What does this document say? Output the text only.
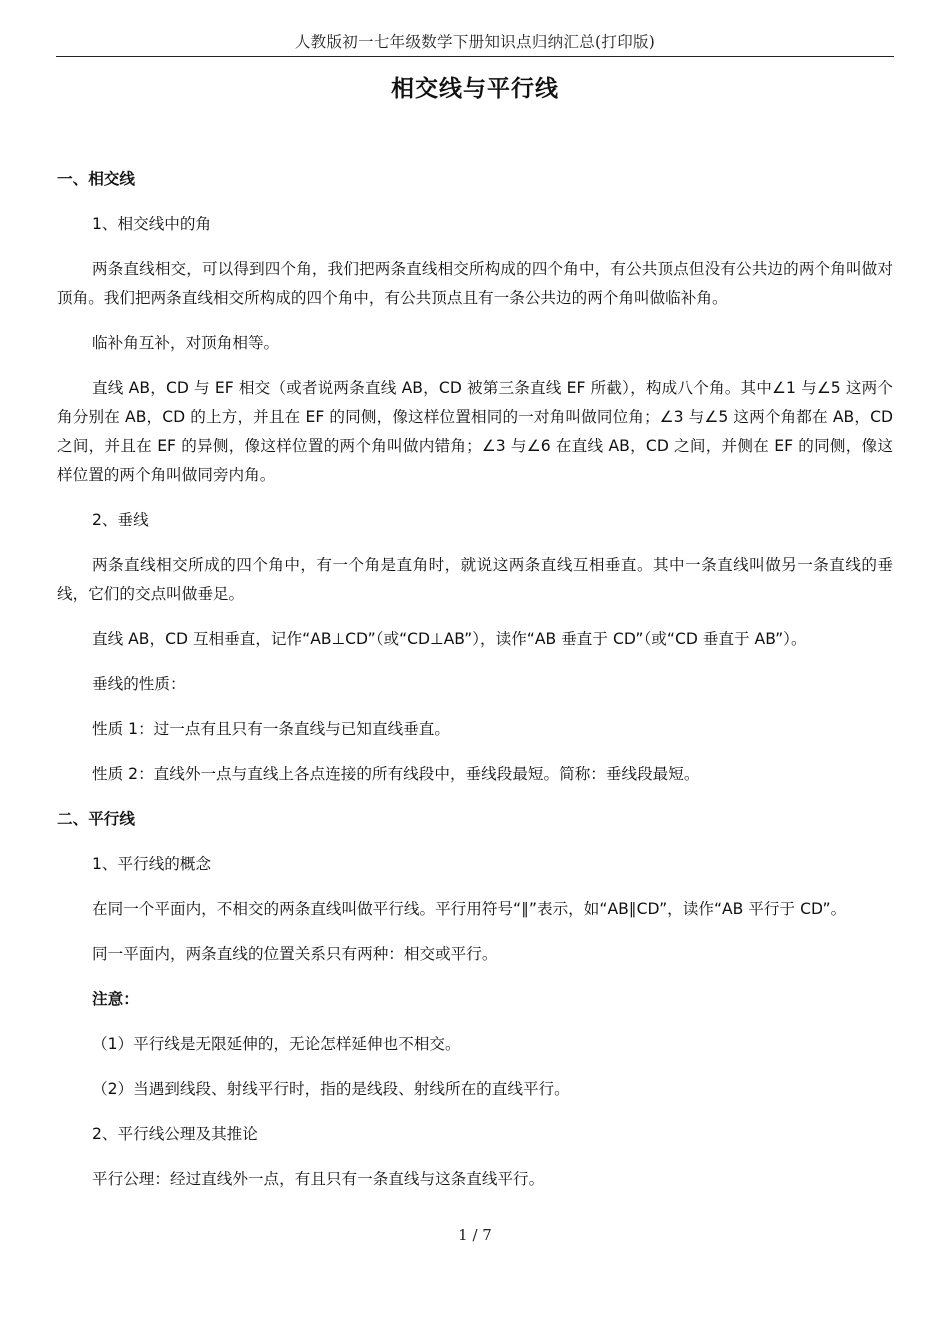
人教版初一七年级数学下册知识点归纳汇总(打印版)
相交线与平行线

一、相交线

1、相交线中的角

两条直线相交，可以得到四个角，我们把两条直线相交所构成的四个角中，有公共顶点但没有公共边的两个角叫做对顶角。我们把两条直线相交所构成的四个角中，有公共顶点且有一条公共边的两个角叫做临补角。

临补角互补，对顶角相等。

直线 AB，CD 与 EF 相交（或者说两条直线 AB，CD 被第三条直线 EF 所截），构成八个角。其中∠1 与∠5 这两个角分别在 AB，CD 的上方，并且在 EF 的同侧，像这样位置相同的一对角叫做同位角；∠3 与∠5 这两个角都在 AB，CD 之间，并且在 EF 的异侧，像这样位置的两个角叫做内错角；∠3 与∠6 在直线 AB，CD 之间，并侧在 EF 的同侧，像这样位置的两个角叫做同旁内角。

2、垂线

两条直线相交所成的四个角中，有一个角是直角时，就说这两条直线互相垂直。其中一条直线叫做另一条直线的垂线，它们的交点叫做垂足。

直线 AB，CD 互相垂直，记作“AB⊥CD”（或“CD⊥AB”），读作“AB 垂直于 CD”（或“CD 垂直于 AB”）。

垂线的性质：

性质 1：过一点有且只有一条直线与已知直线垂直。

性质 2：直线外一点与直线上各点连接的所有线段中，垂线段最短。简称：垂线段最短。

二、平行线

1、平行线的概念

在同一个平面内，不相交的两条直线叫做平行线。平行用符号“∥”表示，如“AB∥CD”，读作“AB 平行于 CD”。

同一平面内，两条直线的位置关系只有两种：相交或平行。

注意：

（1）平行线是无限延伸的，无论怎样延伸也不相交。

（2）当遇到线段、射线平行时，指的是线段、射线所在的直线平行。

2、平行线公理及其推论

平行公理：经过直线外一点，有且只有一条直线与这条直线平行。

1 / 7
